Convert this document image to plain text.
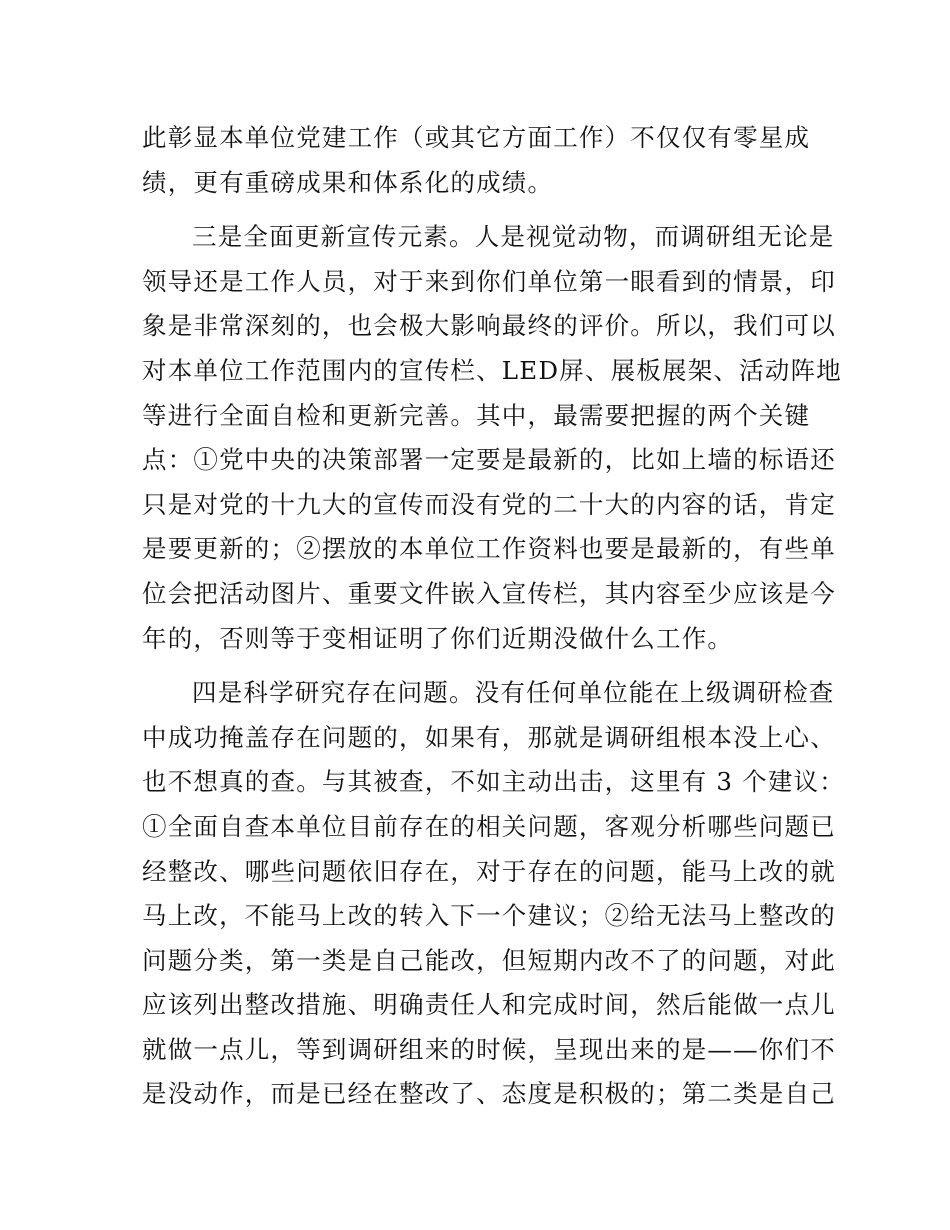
此彰显本单位党建工作（或其它方面工作）不仅仅有零星成
绩，更有重磅成果和体系化的成绩。
三是全面更新宣传元素。人是视觉动物，而调研组无论是
领导还是工作人员，对于来到你们单位第一眼看到的情景，印
象是非常深刻的，也会极大影响最终的评价。所以，我们可以
对本单位工作范围内的宣传栏、LED屏、展板展架、活动阵地
等进行全面自检和更新完善。其中，最需要把握的两个关键
点：①党中央的决策部署一定要是最新的，比如上墙的标语还
只是对党的十九大的宣传而没有党的二十大的内容的话，肯定
是要更新的；②摆放的本单位工作资料也要是最新的，有些单
位会把活动图片、重要文件嵌入宣传栏，其内容至少应该是今
年的，否则等于变相证明了你们近期没做什么工作。
四是科学研究存在问题。没有任何单位能在上级调研检查
中成功掩盖存在问题的，如果有，那就是调研组根本没上心、
也不想真的查。与其被查，不如主动出击，这里有 3 个建议：
①全面自查本单位目前存在的相关问题，客观分析哪些问题已
经整改、哪些问题依旧存在，对于存在的问题，能马上改的就
马上改，不能马上改的转入下一个建议；②给无法马上整改的
问题分类，第一类是自己能改，但短期内改不了的问题，对此
应该列出整改措施、明确责任人和完成时间，然后能做一点儿
就做一点儿，等到调研组来的时候，呈现出来的是——你们不
是没动作，而是已经在整改了、态度是积极的；第二类是自己
